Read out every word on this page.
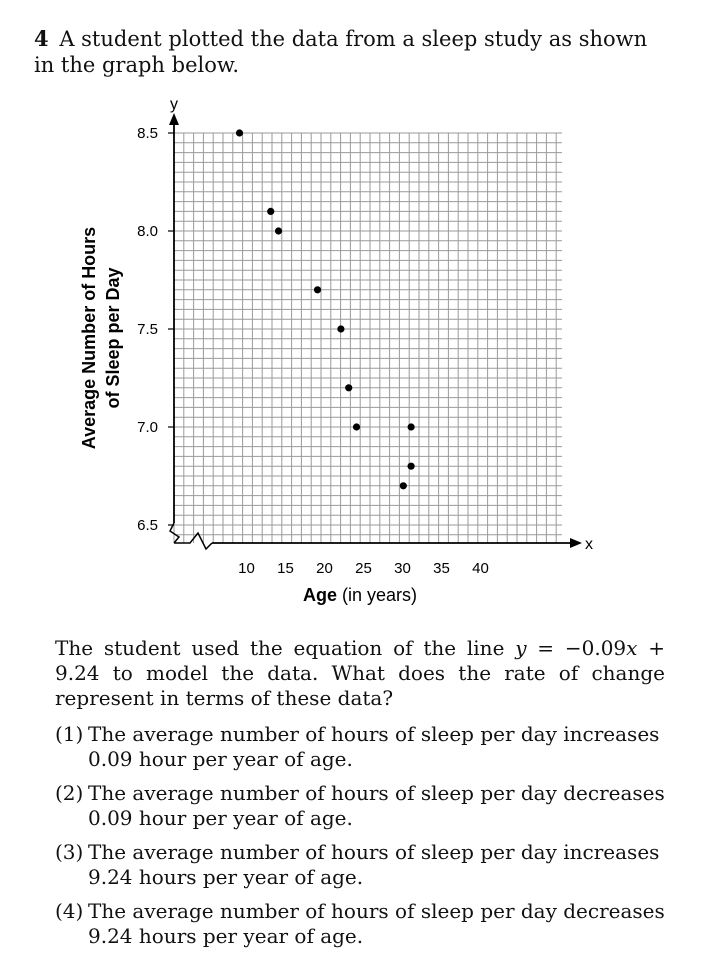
4 A student plotted the data from a sleep study as shown in the graph below.
6.5
7.0
7.5
8.0
8.5
10 15 20 25 30 35 40
Average Number of Hours of Sleep per Day
Age (in years)
y
x
The student used the equation of the line y = −0.09x + 9.24 to model the data. What does the rate of change represent in terms of these data?
(1) The average number of hours of sleep per day increases 0.09 hour per year of age.
(2) The average number of hours of sleep per day decreases 0.09 hour per year of age.
(3) The average number of hours of sleep per day increases 9.24 hours per year of age.
(4) The average number of hours of sleep per day decreases 9.24 hours per year of age.
